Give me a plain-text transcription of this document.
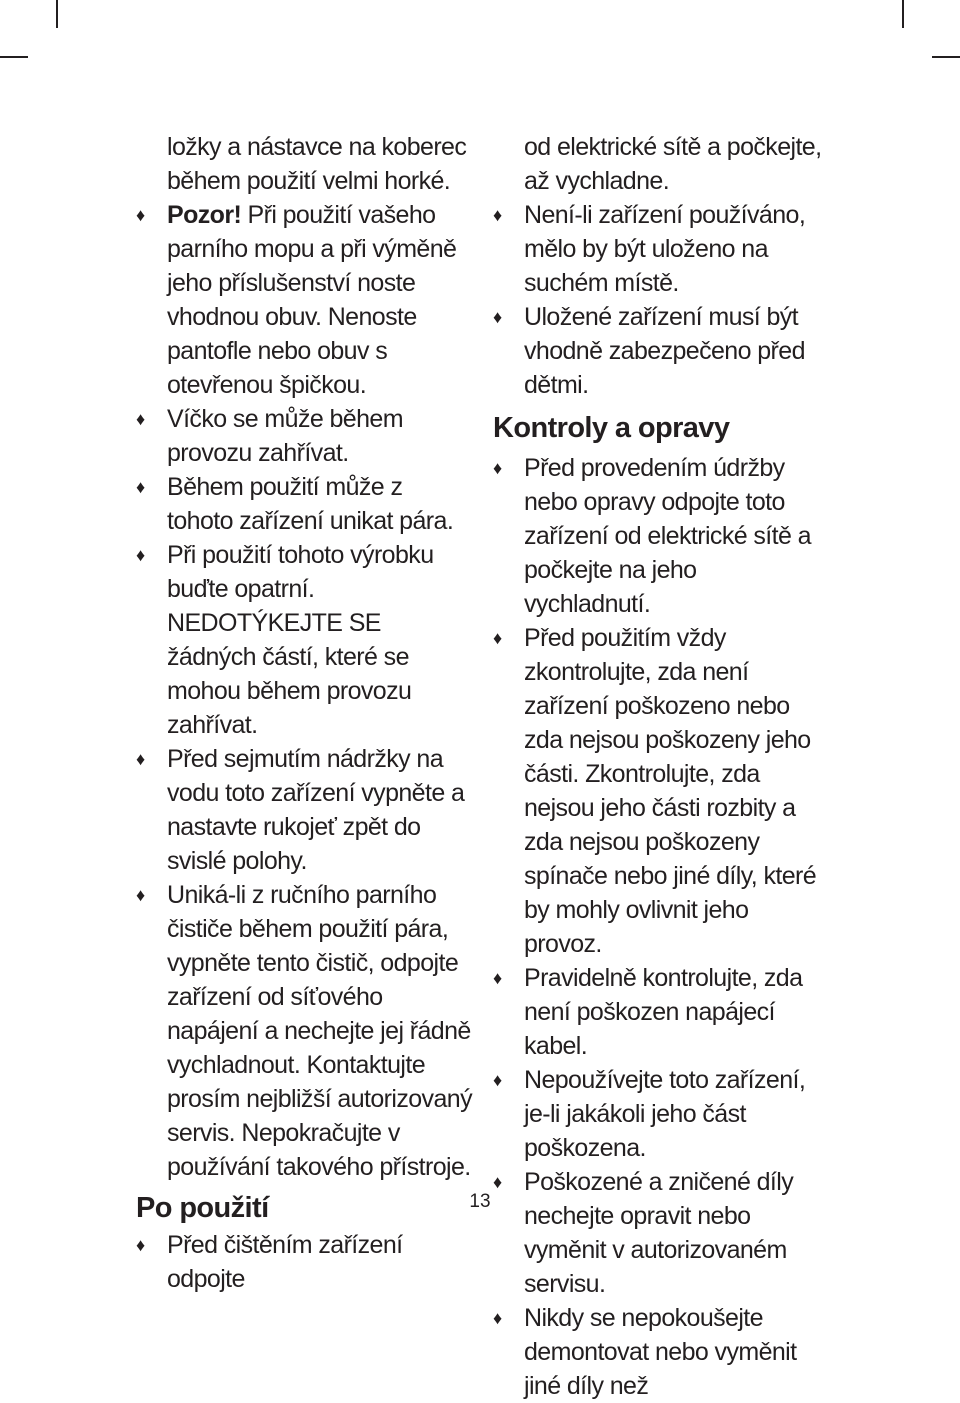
ložky a nástavce na koberec během použití velmi horké.

♦ Pozor! Při použití vašeho parního mopu a při výměně jeho příslušenství noste vhodnou obuv. Nenoste pantofle nebo obuv s otevřenou špičkou.

♦ Víčko se může během provozu zahřívat.

♦ Během použití může z tohoto zařízení unikat pára.

♦ Při použití tohoto výrobku buďte opatrní. NEDOTÝKEJTE SE žádných částí, které se mohou během provozu zahřívat.

♦ Před sejmutím nádržky na vodu toto zařízení vypněte a nastavte rukojeť zpět do svislé polohy.

♦ Uniká-li z ručního parního čističe během použití pára, vypněte tento čistič, odpojte zařízení od síťového napájení a nechejte jej řádně vychladnout. Kontaktujte prosím nejbližší autorizovaný servis. Nepokračujte v používání takového přístroje.

Po použití

♦ Před čištěním zařízení odpojte

od elektrické sítě a počkejte, až vychladne.

♦ Není-li zařízení používáno, mělo by být uloženo na suchém místě.

♦ Uložené zařízení musí být vhodně zabezpečeno před dětmi.

Kontroly a opravy

♦ Před provedením údržby nebo opravy odpojte toto zařízení od elektrické sítě a počkejte na jeho vychladnutí.

♦ Před použitím vždy zkontrolujte, zda není zařízení poškozeno nebo zda nejsou poškozeny jeho části. Zkontrolujte, zda nejsou jeho části rozbity a zda nejsou poškozeny spínače nebo jiné díly, které by mohly ovlivnit jeho provoz.

♦ Pravidelně kontrolujte, zda není poškozen napájecí kabel.

♦ Nepoužívejte toto zařízení, je-li jakákoli jeho část poškozena.

♦ Poškozené a zničené díly nechejte opravit nebo vyměnit v autorizovaném servisu.

♦ Nikdy se nepokoušejte demontovat nebo vyměnit jiné díly než

13
